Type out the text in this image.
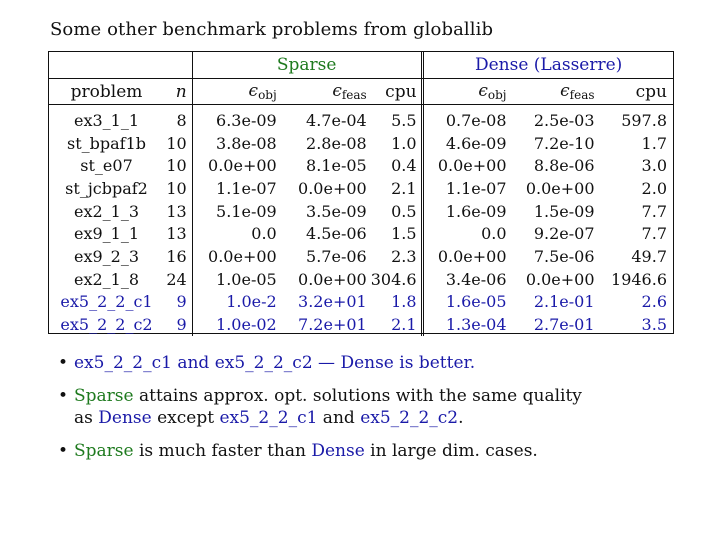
Some other benchmark problems from globallib
		Sparse				Dense (Lasserre)		
problem	n	$\epsilon_{obj}$	$\epsilon_{feas}$	cpu		$\epsilon_{obj}$	$\epsilon_{feas}$	cpu
ex3_1_1	8	6.3e-09	4.7e-04	5.5		0.7e-08	2.5e-03	597.8
st_bpaf1b	10	3.8e-08	2.8e-08	1.0		4.6e-09	7.2e-10	1.7
st_e07	10	0.0e+00	8.1e-05	0.4		0.0e+00	8.8e-06	3.0
st_jcbpaf2	10	1.1e-07	0.0e+00	2.1		1.1e-07	0.0e+00	2.0
ex2_1_3	13	5.1e-09	3.5e-09	0.5		1.6e-09	1.5e-09	7.7
ex9_1_1	13	0.0	4.5e-06	1.5		0.0	9.2e-07	7.7
ex9_2_3	16	0.0e+00	5.7e-06	2.3		0.0e+00	7.5e-06	49.7
ex2_1_8	24	1.0e-05	0.0e+00	304.6		3.4e-06	0.0e+00	1946.6
ex5_2_2_c1	9	1.0e-2	3.2e+01	1.8		1.6e-05	2.1e-01	2.6
ex5_2_2_c2	9	1.0e-02	7.2e+01	2.1		1.3e-04	2.7e-01	3.5
• ex5_2_2_c1 and ex5_2_2_c2 — Dense is better.
• Sparse attains approx. opt. solutions with the same quality
as Dense except ex5_2_2_c1 and ex5_2_2_c2.
• Sparse is much faster than Dense in large dim. cases.
